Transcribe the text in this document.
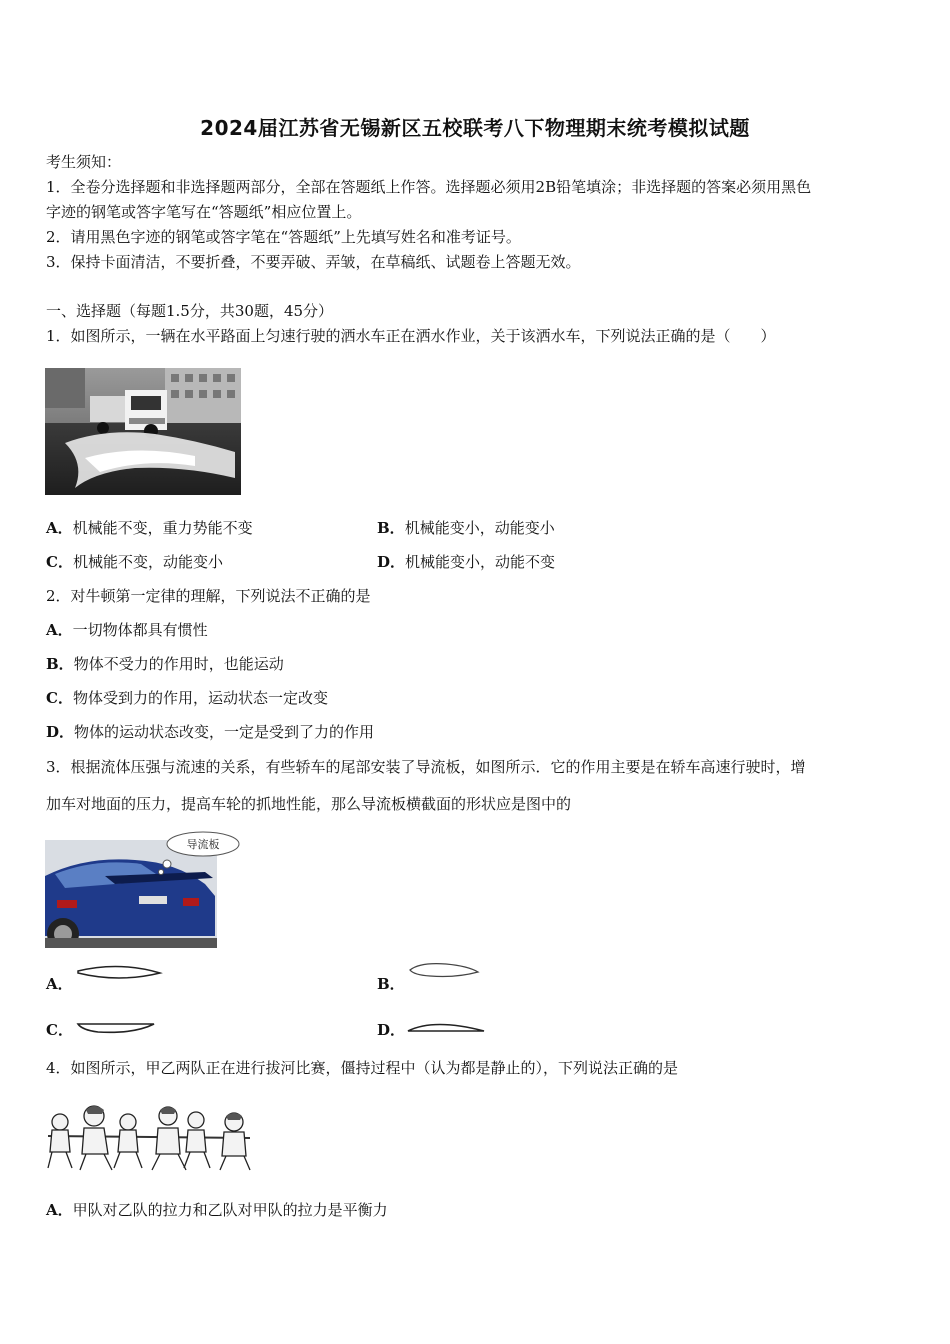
2024届江苏省无锡新区五校联考八下物理期末统考模拟试题
考生须知：
1．全卷分选择题和非选择题两部分，全部在答题纸上作答。选择题必须用2B铅笔填涂；非选择题的答案必须用黑色
字迹的钢笔或答字笔写在“答题纸”相应位置上。
2．请用黑色字迹的钢笔或答字笔在“答题纸”上先填写姓名和准考证号。
3．保持卡面清洁，不要折叠，不要弄破、弄皱，在草稿纸、试题卷上答题无效。
一、选择题（每题1.5分，共30题，45分）
1．如图所示，一辆在水平路面上匀速行驶的洒水车正在洒水作业，关于该洒水车，下列说法正确的是（　　）
A．机械能不变，重力势能不变	B．机械能变小，动能变小
C．机械能不变，动能变小	D．机械能变小，动能不变
2．对牛顿第一定律的理解，下列说法不正确的是
A．一切物体都具有惯性
B．物体不受力的作用时，也能运动
C．物体受到力的作用，运动状态一定改变
D．物体的运动状态改变，一定是受到了力的作用
3．根据流体压强与流速的关系，有些轿车的尾部安装了导流板，如图所示．它的作用主要是在轿车高速行驶时，增
加车对地面的压力，提高车轮的抓地性能，那么导流板横截面的形状应是图中的
导流板
A．	B．
C．	D．
4．如图所示，甲乙两队正在进行拔河比赛，僵持过程中（认为都是静止的），下列说法正确的是
A．甲队对乙队的拉力和乙队对甲队的拉力是平衡力
